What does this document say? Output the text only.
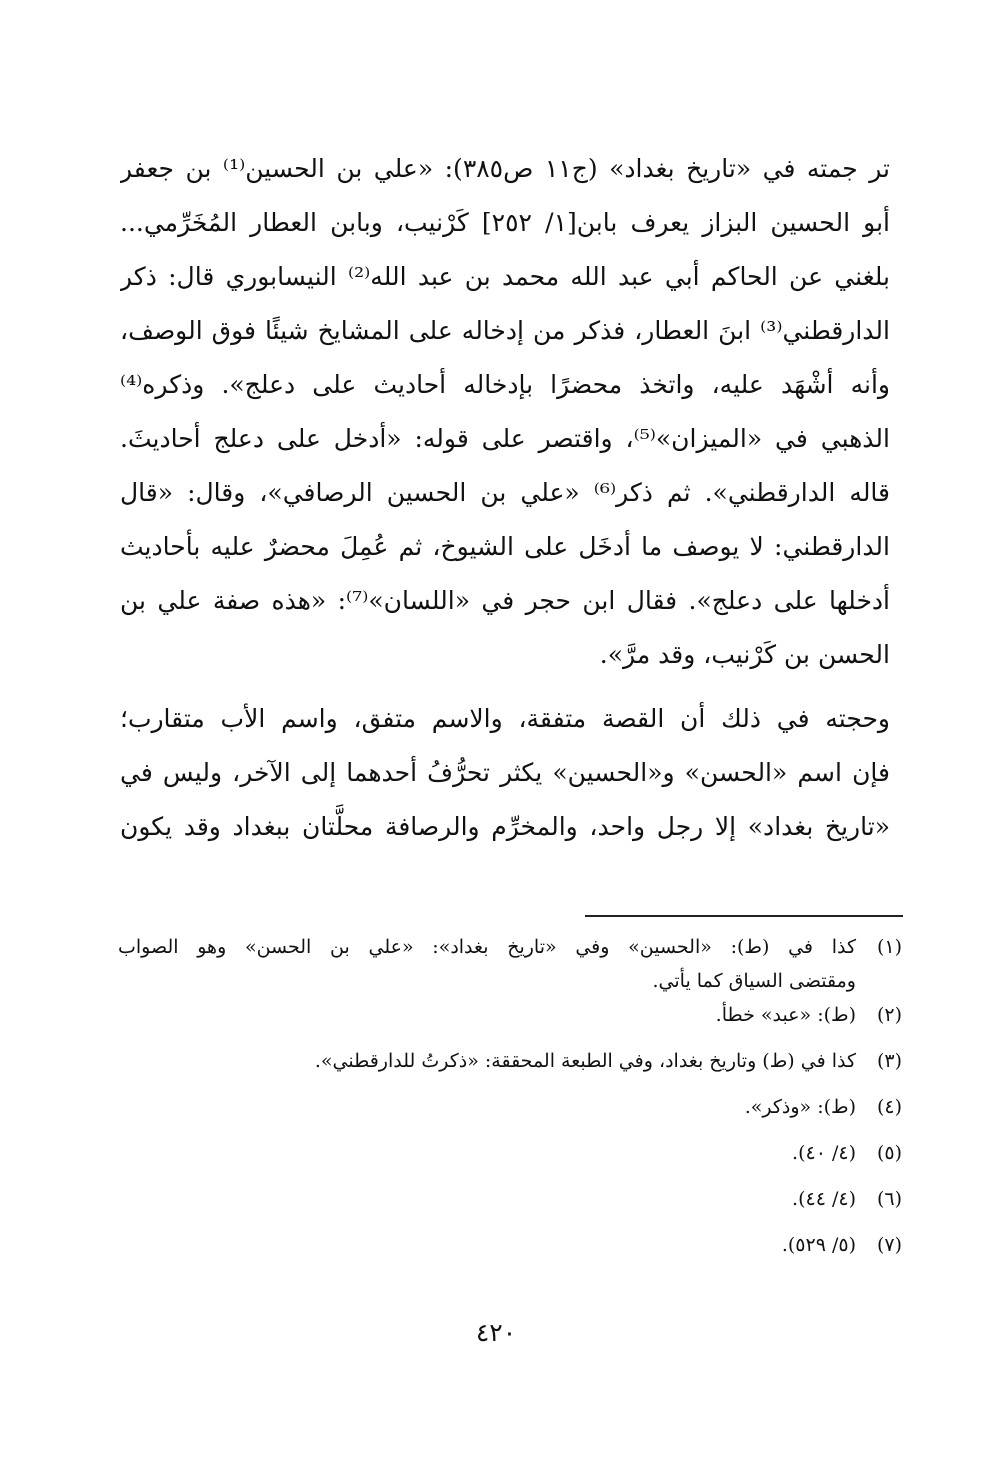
تر جمته في «تاريخ بغداد» (ج١١ ص٣٨٥): «علي بن الحسين⁽¹⁾ بن جعفر
أبو الحسين البزاز يعرف بابن[١/ ٢٥٢] كَرْنيب، وبابن العطار المُخَرِّمي...
بلغني عن الحاكم أبي عبد الله محمد بن عبد الله⁽²⁾ النيسابوري قال: ذكر
الدارقطني⁽³⁾ ابنَ العطار، فذكر من إدخاله على المشايخ شيئًا فوق الوصف،
وأنه أشْهَد عليه، واتخذ محضرًا بإدخاله أحاديث على دعلج». وذكره⁽⁴⁾
الذهبي في «الميزان»⁽⁵⁾، واقتصر على قوله: «أدخل على دعلج أحاديثَ.
قاله الدارقطني». ثم ذكر⁽⁶⁾ «علي بن الحسين الرصافي»، وقال: «قال
الدارقطني: لا يوصف ما أدخَل على الشيوخ، ثم عُمِلَ محضرٌ عليه بأحاديث
أدخلها على دعلج». فقال ابن حجر في «اللسان»⁽⁷⁾: «هذه صفة علي بن
الحسن بن كَرْنيب، وقد مرَّ».
وحجته في ذلك أن القصة متفقة، والاسم متفق، واسم الأب متقارب؛
فإن اسم «الحسن» و«الحسين» يكثر تحرُّفُ أحدهما إلى الآخر، وليس في
«تاريخ بغداد» إلا رجل واحد، والمخرِّم والرصافة محلَّتان ببغداد وقد يكون
(١)
كذا في (ط): «الحسين» وفي «تاريخ بغداد»: «علي بن الحسن» وهو الصواب
ومقتضى السياق كما يأتي.
(٢)
(ط): «عبد» خطأ.
(٣)
كذا في (ط) وتاريخ بغداد، وفي الطبعة المحققة: «ذكرتُ للدارقطني».
(٤)
(ط): «وذكر».
(٥)
(٤/ ٤٠).
(٦)
(٤/ ٤٤).
(٧)
(٥/ ٥٢٩).
٤٢٠
